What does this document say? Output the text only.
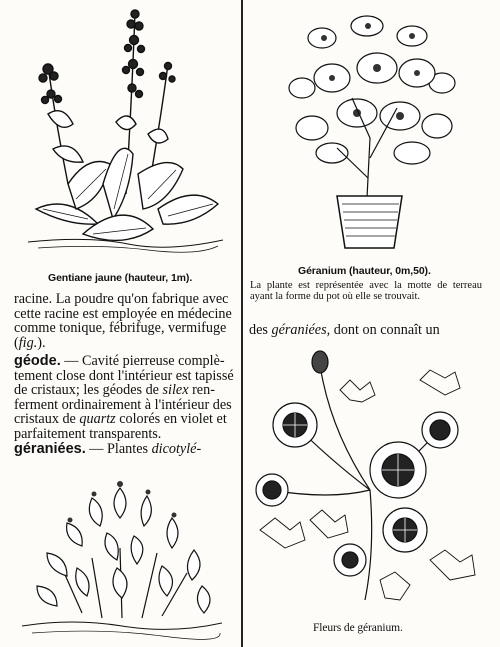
Gentiane jaune (hauteur, 1m).
racine. La poudre qu'on fabrique avec
cette racine est employée en médecine
comme tonique, fébrifuge, vermifuge
(fig.).
géode. — Cavité pierreuse complè-
tement close dont l'intérieur est tapissé
de cristaux; les géodes de silex ren-
ferment ordinairement à l'intérieur des
cristaux de quartz colorés en violet et
parfaitement transparents.
géraniées. — Plantes dicotylé-
Géranium (hauteur, 0m,50).
La plante est représentée avec la motte de terreau ayant la forme du pot où elle se trouvait.
des géraniées, dont on connaît un
Fleurs de géranium.
